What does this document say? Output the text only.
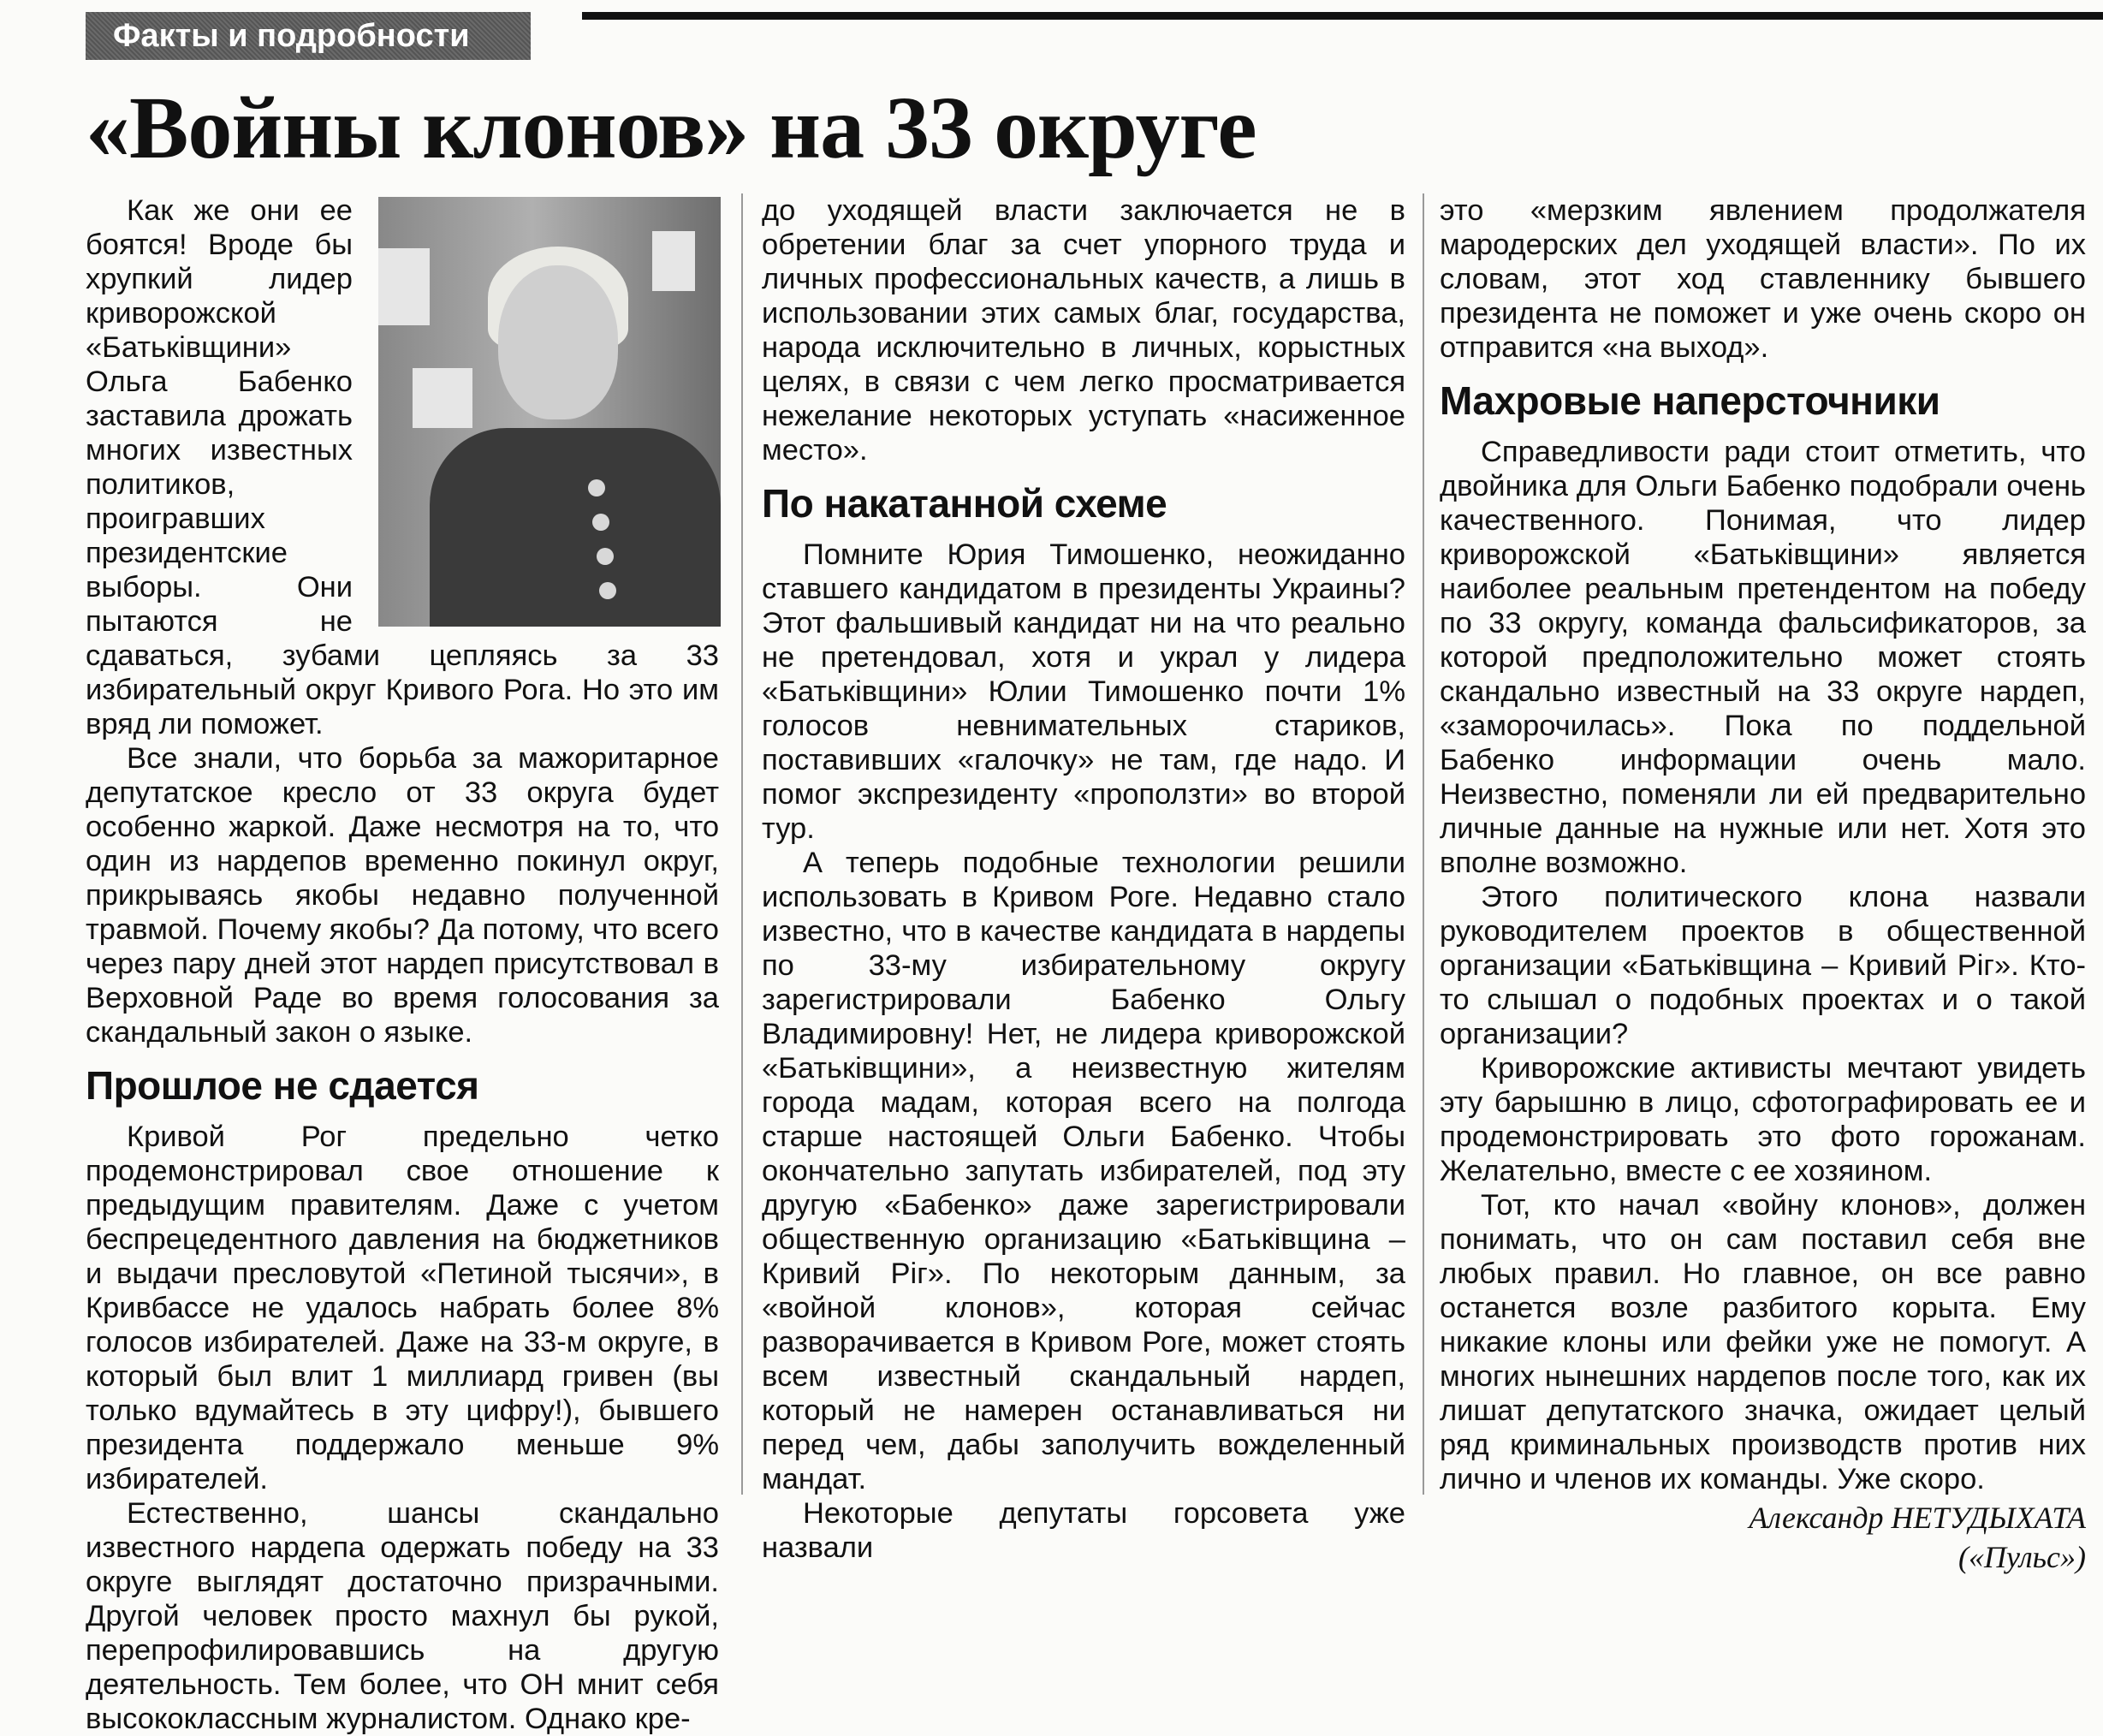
Факты и подробности
«Войны клонов» на 33 округе

Как же они ее боятся! Вроде бы хрупкий лидер криворожской «Батьківщини» Ольга Бабенко заставила дрожать многих известных политиков, проигравших президентские выборы. Они пытаются не сдаваться, зубами цепляясь за 33 избирательный округ Кривого Рога. Но это им вряд ли поможет.

Все знали, что борьба за мажоритарное депутатское кресло от 33 округа будет особенно жаркой. Даже несмотря на то, что один из нардепов временно покинул округ, прикрываясь якобы недавно полученной травмой. Почему якобы? Да потому, что всего через пару дней этот нардеп присутствовал в Верховной Раде во время голосования за скандальный закон о языке.

Прошлое не сдается

Кривой Рог предельно четко продемонстрировал свое отношение к предыдущим правителям. Даже с учетом беспрецедентного давления на бюджетников и выдачи пресловутой «Петиной тысячи», в Кривбассе не удалось набрать более 8% голосов избирателей. Даже на 33-м округе, в который был влит 1 миллиард гривен (вы только вдумайтесь в эту цифру!), бывшего президента поддержало меньше 9% избирателей.

Естественно, шансы скандально известного нардепа одержать победу на 33 округе выглядят достаточно призрачными. Другой человек просто махнул бы рукой, перепрофилировавшись на другую деятельность. Тем более, что ОН мнит себя высококлассным журналистом. Однако кре-

до уходящей власти заключается не в обретении благ за счет упорного труда и личных профессиональных качеств, а лишь в использовании этих самых благ, государства, народа исключительно в личных, корыстных целях, в связи с чем легко просматривается нежелание некоторых уступать «насиженное место».

По накатанной схеме

Помните Юрия Тимошенко, неожиданно ставшего кандидатом в президенты Украины? Этот фальшивый кандидат ни на что реально не претендовал, хотя и украл у лидера «Батьківщини» Юлии Тимошенко почти 1% голосов невнимательных стариков, поставивших «галочку» не там, где надо. И помог экспрезиденту «проползти» во второй тур.

А теперь подобные технологии решили использовать в Кривом Роге. Недавно стало известно, что в качестве кандидата в нардепы по 33-му избирательному округу зарегистрировали Бабенко Ольгу Владимировну! Нет, не лидера криворожской «Батьківщини», а неизвестную жителям города мадам, которая всего на полгода старше настоящей Ольги Бабенко. Чтобы окончательно запутать избирателей, под эту другую «Бабенко» даже зарегистрировали общественную организацию «Батьківщина – Кривий Ріг». По некоторым данным, за «войной клонов», которая сейчас разворачивается в Кривом Роге, может стоять всем известный скандальный нардеп, который не намерен останавливаться ни перед чем, дабы заполучить вожделенный мандат.

Некоторые депутаты горсовета уже назвали

это «мерзким явлением продолжателя мародерских дел уходящей власти». По их словам, этот ход ставленнику бывшего президента не поможет и уже очень скоро он отправится «на выход».

Махровые наперсточники

Справедливости ради стоит отметить, что двойника для Ольги Бабенко подобрали очень качественного. Понимая, что лидер криворожской «Батьківщини» является наиболее реальным претендентом на победу по 33 округу, команда фальсификаторов, за которой предположительно может стоять скандально известный на 33 округе нардеп, «заморочилась». Пока по поддельной Бабенко информации очень мало. Неизвестно, поменяли ли ей предварительно личные данные на нужные или нет. Хотя это вполне возможно.

Этого политического клона назвали руководителем проектов в общественной организации «Батьківщина – Кривий Ріг». Кто-то слышал о подобных проектах и о такой организации?

Криворожские активисты мечтают увидеть эту барышню в лицо, сфотографировать ее и продемонстрировать это фото горожанам. Желательно, вместе с ее хозяином.

Тот, кто начал «войну клонов», должен понимать, что он сам поставил себя вне любых правил. Но главное, он все равно останется возле разбитого корыта. Ему никакие клоны или фейки уже не помогут. А многих нынешних нардепов после того, как их лишат депутатского значка, ожидает целый ряд криминальных производств против них лично и членов их команды. Уже скоро.

Александр НЕТУДЫХАТА
(«Пульс»)
